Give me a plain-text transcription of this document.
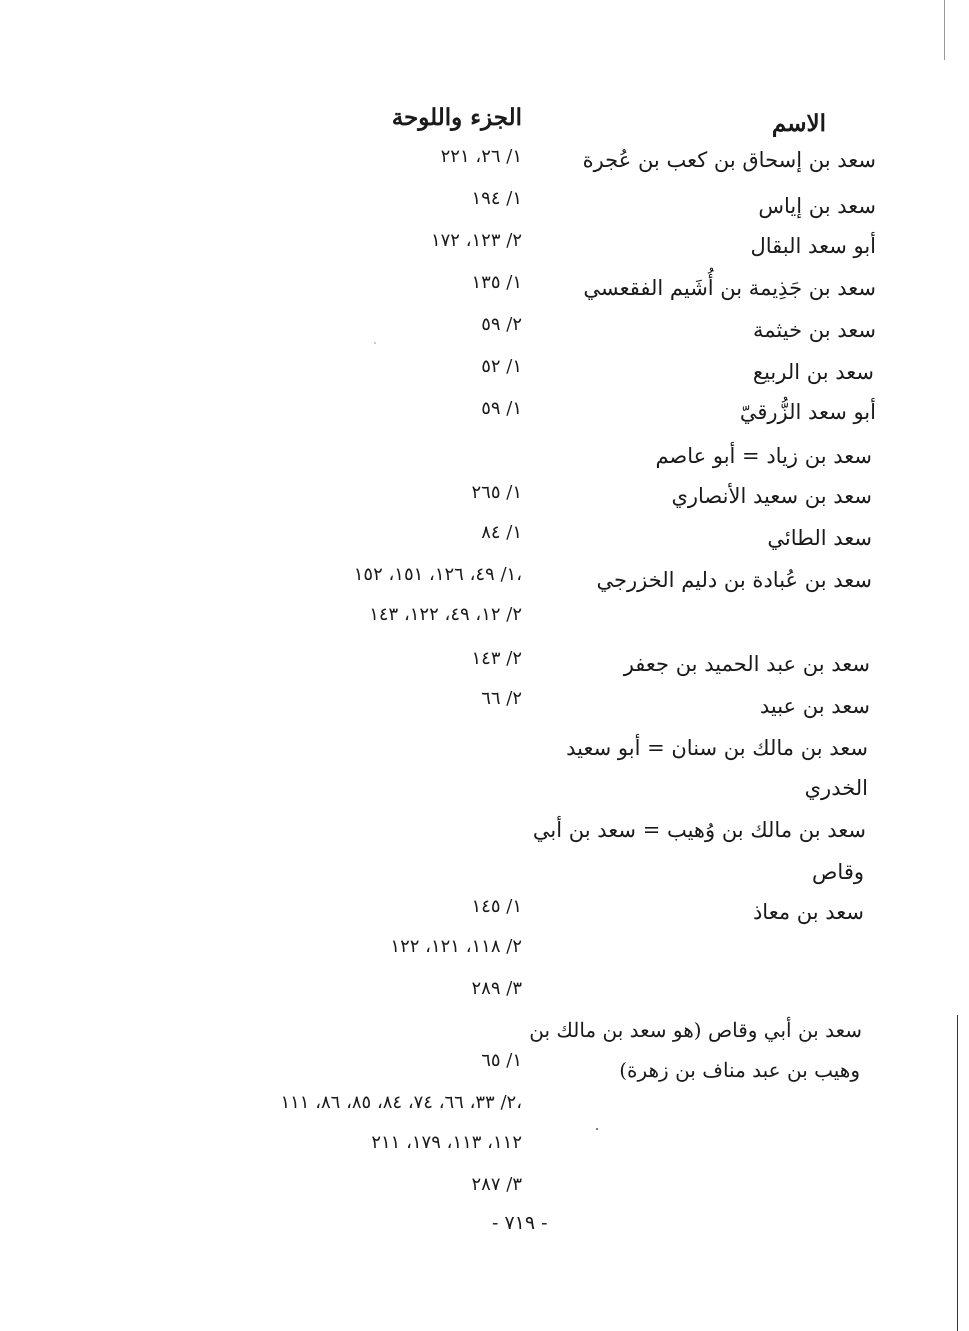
الاسم
الجزء واللوحة
سعد بن إسحاق بن كعب بن عُجرة
١/ ٢٦، ٢٢١
سعد بن إياس
١/ ١٩٤
أبو سعد البقال
٢/ ١٢٣، ١٧٢
سعد بن جَذِيمة بن أُشَيم الفقعسي
١/ ١٣٥
سعد بن خيثمة
٢/ ٥٩
سعد بن الربيع
١/ ٥٢
أبو سعد الزُّرقيّ
١/ ٥٩
سعد بن زياد = أبو عاصم
سعد بن سعيد الأنصاري
١/ ٢٦٥
سعد الطائي
١/ ٨٤
سعد بن عُبادة بن دليم الخزرجي
١/ ٤٩، ١٢٦، ١٥١، ١٥٢،
٢/ ١٢، ٤٩، ١٢٢، ١٤٣
سعد بن عبد الحميد بن جعفر
٢/ ١٤٣
سعد بن عبيد
٢/ ٦٦
سعد بن مالك بن سنان = أبو سعيد
الخدري
سعد بن مالك بن وُهيب = سعد بن أبي
وقاص
سعد بن معاذ
١/ ١٤٥
٢/ ١١٨، ١٢١، ١٢٢
٣/ ٢٨٩
سعد بن أبي وقاص (هو سعد بن مالك بن
وهيب بن عبد مناف بن زهرة)
١/ ٦٥
٢/ ٣٣، ٦٦، ٧٤، ٨٤، ٨٥، ٨٦، ١١١،
١١٢، ١١٣، ١٧٩، ٢١١
٣/ ٢٨٧
- ٧١٩ -
